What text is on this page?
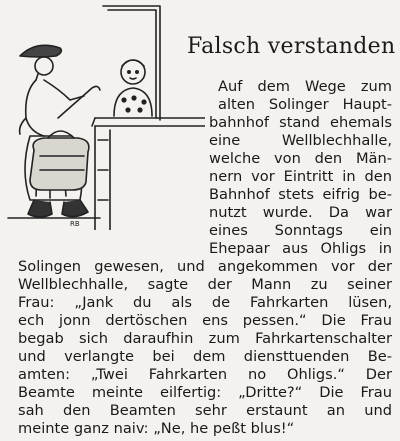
RB
Falsch verstanden
Auf dem Wege zum
alten Solinger Haupt-
bahnhof stand ehemals
eine Wellblechhalle,
welche von den Män-
nern vor Eintritt in den
Bahnhof stets eifrig be-
nutzt wurde. Da war
eines Sonntags ein
Ehepaar aus Ohligs in
Solingen gewesen, und angekommen vor der
Wellblechhalle, sagte der Mann zu seiner
Frau: „Jank du als de Fahrkarten lüsen,
ech jonn dertöschen ens pessen.“ Die Frau
begab sich daraufhin zum Fahrkartenschalter
und verlangte bei dem diensttuenden Be-
amten: „Twei Fahrkarten no Ohligs.“ Der
Beamte meinte eilfertig: „Dritte?“ Die Frau
sah den Beamten sehr erstaunt an und
meinte ganz naiv: „Ne, he peßt blus!“
